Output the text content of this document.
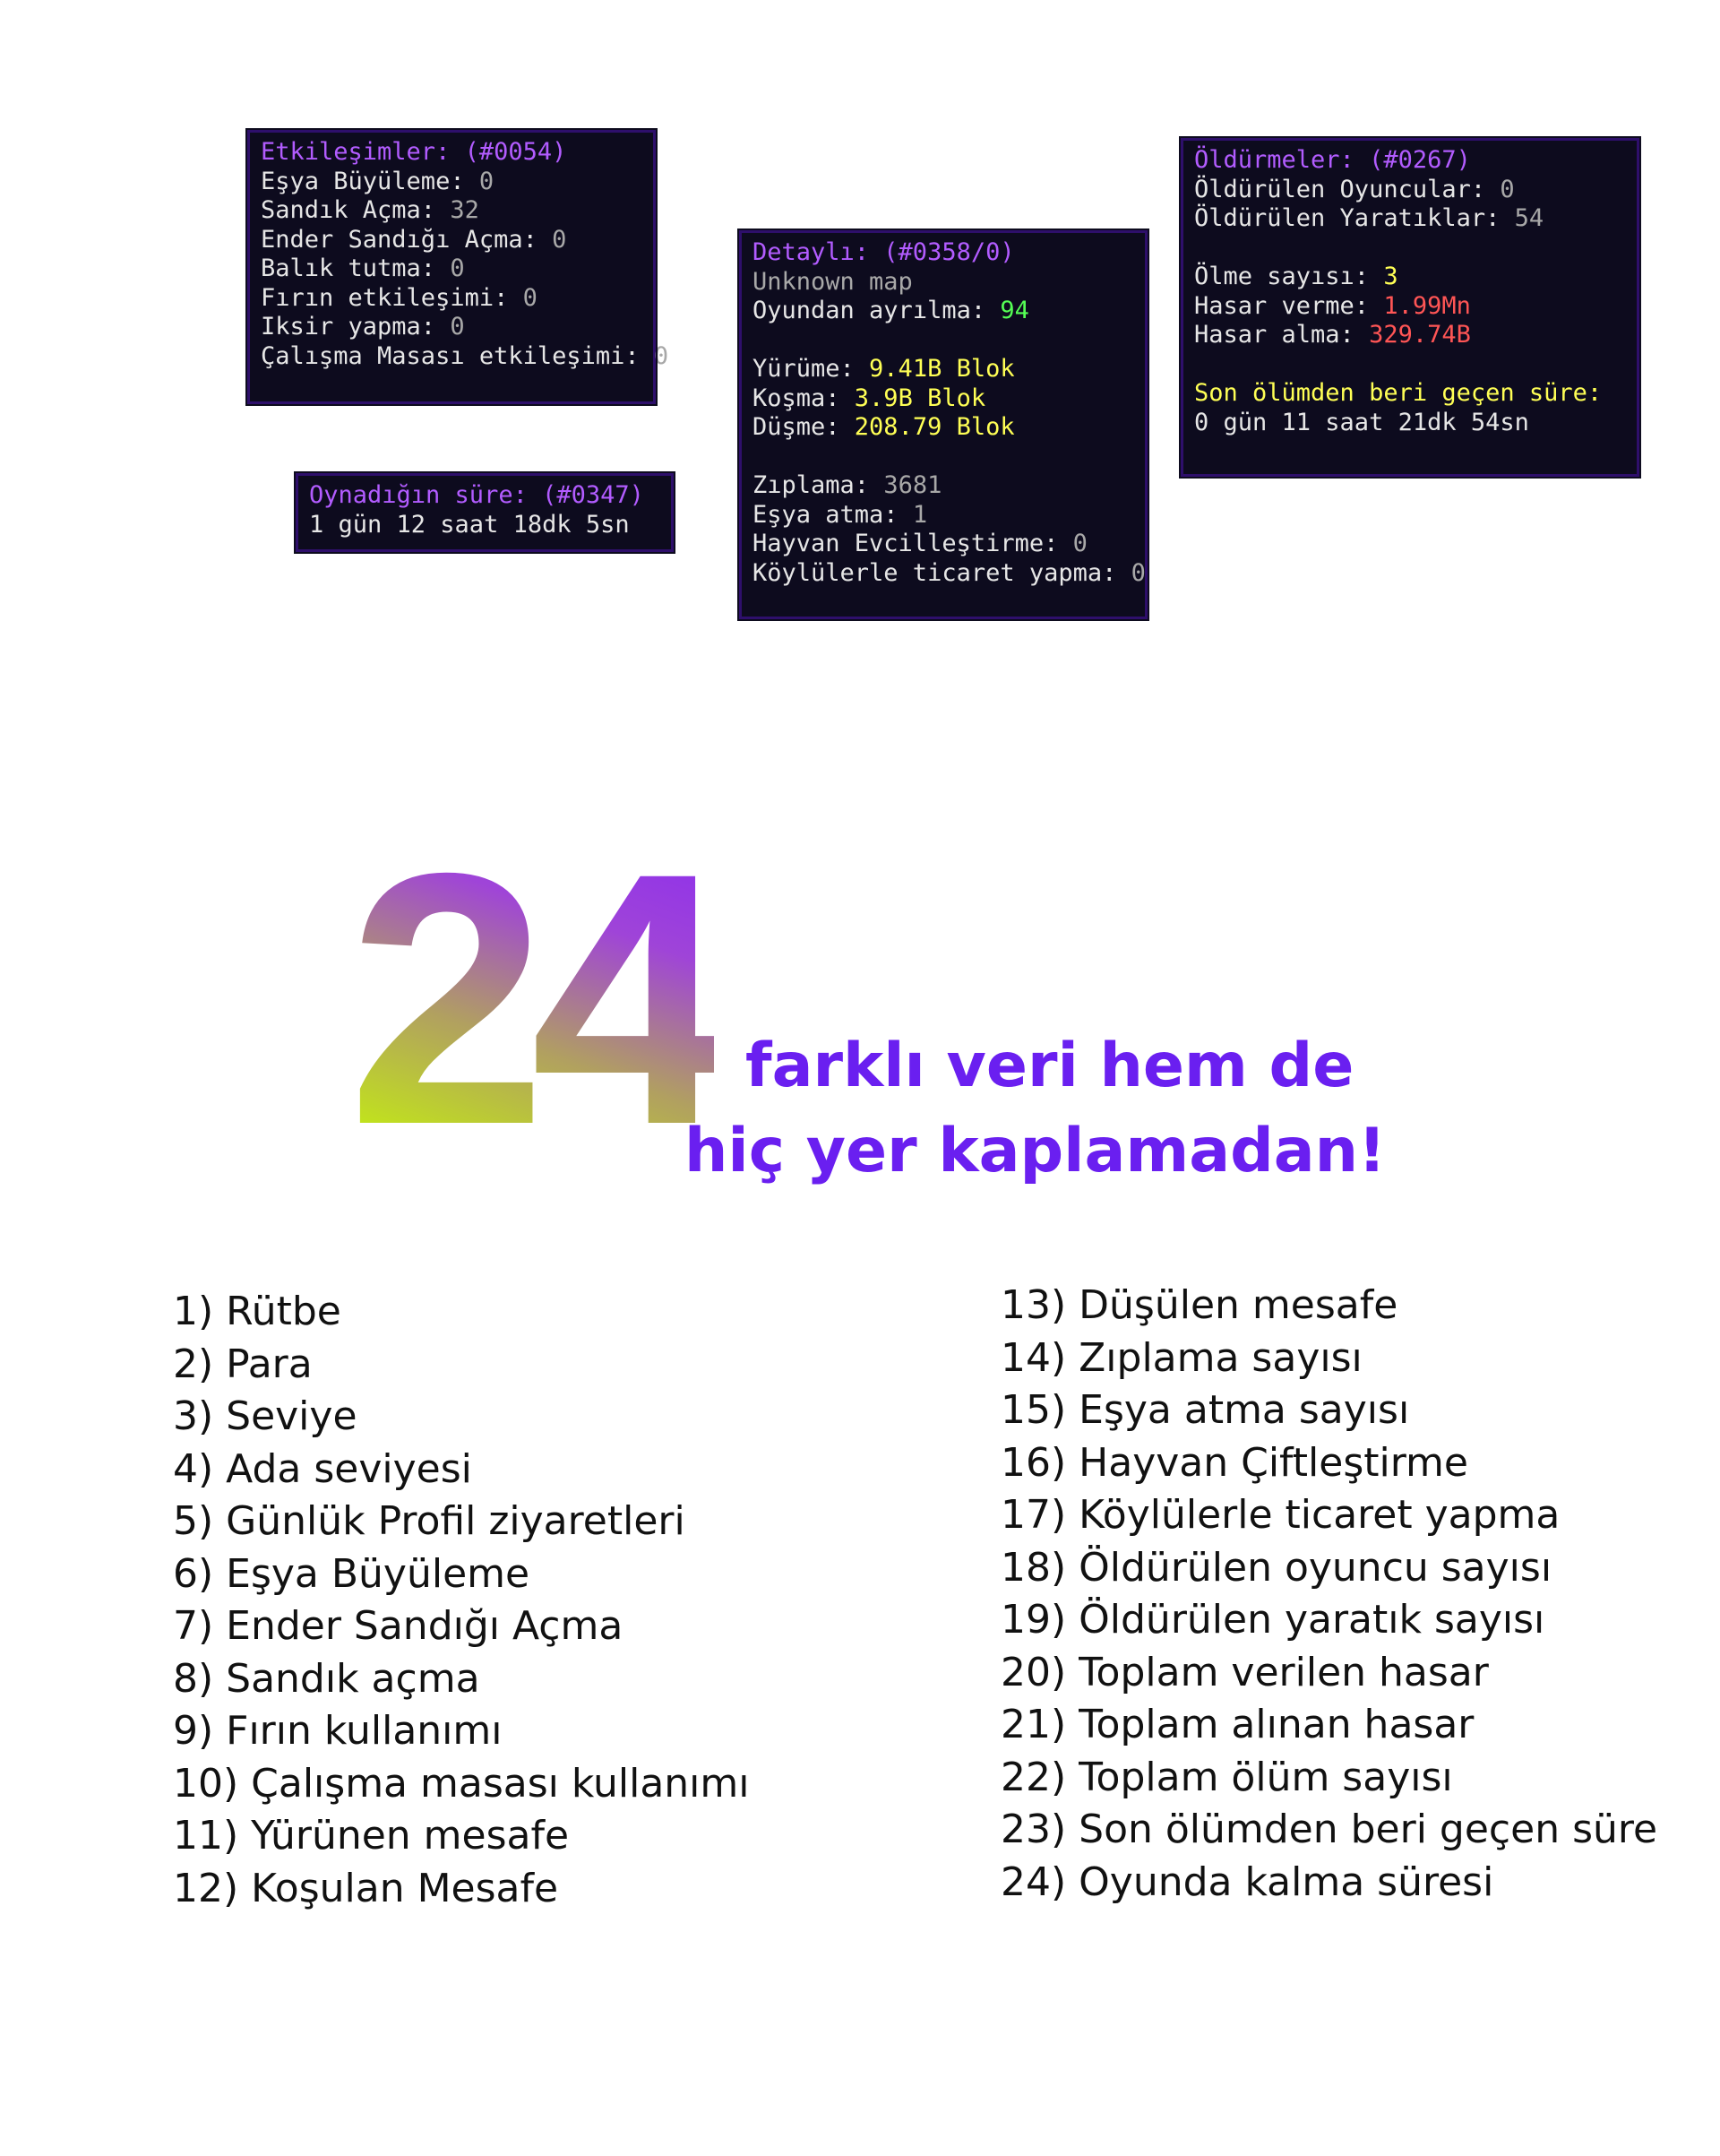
Etkileşimler: (#0054)
Eşya Büyüleme: 0
Sandık Açma: 32
Ender Sandığı Açma: 0
Balık tutma: 0
Fırın etkileşimi: 0
Iksir yapma: 0
Çalışma Masası etkileşimi: 0
Oynadığın süre: (#0347)
1 gün 12 saat 18dk 5sn
Detaylı: (#0358/0)
Unknown map
Oyundan ayrılma: 94
Yürüme: 9.41B Blok
Koşma: 3.9B Blok
Düşme: 208.79 Blok
Zıplama: 3681
Eşya atma: 1
Hayvan Evcilleştirme: 0
Köylülerle ticaret yapma: 0
Öldürmeler: (#0267)
Öldürülen Oyuncular: 0
Öldürülen Yaratıklar: 54
Ölme sayısı: 3
Hasar verme: 1.99Mn
Hasar alma: 329.74B
Son ölümden beri geçen süre:
0 gün 11 saat 21dk 54sn
24 farklı veri hem de
hiç yer kaplamadan!
1) Rütbe
2) Para
3) Seviye
4) Ada seviyesi
5) Günlük Profil ziyaretleri
6) Eşya Büyüleme
7) Ender Sandığı Açma
8) Sandık açma
9) Fırın kullanımı
10) Çalışma masası kullanımı
11) Yürünen mesafe
12) Koşulan Mesafe
13) Düşülen mesafe
14) Zıplama sayısı
15) Eşya atma sayısı
16) Hayvan Çiftleştirme
17) Köylülerle ticaret yapma
18) Öldürülen oyuncu sayısı
19) Öldürülen yaratık sayısı
20) Toplam verilen hasar
21) Toplam alınan hasar
22) Toplam ölüm sayısı
23) Son ölümden beri geçen süre
24) Oyunda kalma süresi
